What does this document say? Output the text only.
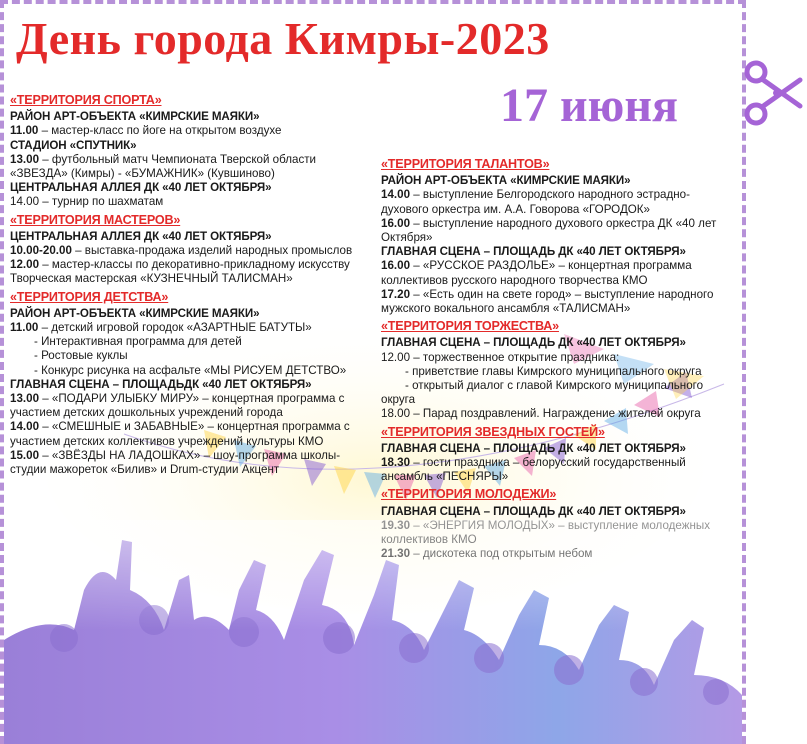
День города Кимры-2023
17 июня
«ТЕРРИТОРИЯ СПОРТА»
РАЙОН АРТ-ОБЪЕКТА «КИМРСКИЕ МАЯКИ»
11.00 – мастер-класс по йоге на открытом воздухе
СТАДИОН «СПУТНИК»
13.00 – футбольный матч Чемпионата Тверской области «ЗВЕЗДА» (Кимры) - «БУМАЖНИК» (Кувшиново)
ЦЕНТРАЛЬНАЯ АЛЛЕЯ ДК «40 ЛЕТ ОКТЯБРЯ»
14.00 – турнир по шахматам
«ТЕРРИТОРИЯ МАСТЕРОВ»
ЦЕНТРАЛЬНАЯ АЛЛЕЯ ДК «40 ЛЕТ ОКТЯБРЯ»
10.00-20.00 – выставка-продажа изделий народных промыслов
12.00 – мастер-классы по декоративно-прикладному искусству
Творческая мастерская «КУЗНЕЧНЫЙ ТАЛИСМАН»
«ТЕРРИТОРИЯ ДЕТСТВА»
РАЙОН АРТ-ОБЪЕКТА «КИМРСКИЕ МАЯКИ»
11.00 – детский игровой городок «АЗАРТНЫЕ БАТУТЫ»
- Интерактивная программа для детей
- Ростовые куклы
- Конкурс рисунка на асфальте «МЫ РИСУЕМ ДЕТСТВО»
ГЛАВНАЯ СЦЕНА – ПЛОЩАДЬДК «40 ЛЕТ ОКТЯБРЯ»
13.00 – «ПОДАРИ УЛЫБКУ МИРУ» – концертная программа с участием детских дошкольных учреждений города
14.00 – «СМЕШНЫЕ и ЗАБАВНЫЕ» – концертная программа с участием детских коллективов учреждений культуры КМО
15.00 – «ЗВЁЗДЫ НА ЛАДОШКАХ» – шоу-программа школы-студии мажореток «Билив» и Drum-студии Акцент
«ТЕРРИТОРИЯ ТАЛАНТОВ»
РАЙОН АРТ-ОБЪЕКТА «КИМРСКИЕ МАЯКИ»
14.00 – выступление Белгородского народного эстрадно-духового оркестра им. А.А. Говорова «ГОРОДОК»
16.00 – выступление народного духового оркестра ДК «40 лет Октября»
ГЛАВНАЯ СЦЕНА – ПЛОЩАДЬ ДК «40 ЛЕТ ОКТЯБРЯ»
16.00 – «РУССКОЕ РАЗДОЛЬЕ» – концертная программа коллективов русского народного творчества КМО
17.20 – «Есть один на свете город» – выступление народного мужского вокального ансамбля «ТАЛИСМАН»
«ТЕРРИТОРИЯ ТОРЖЕСТВА»
ГЛАВНАЯ СЦЕНА – ПЛОЩАДЬ ДК «40 ЛЕТ ОКТЯБРЯ»
12.00 – торжественное открытие праздника:
- приветствие главы Кимрского муниципального округа
- открытый диалог с главой Кимрского муниципального
округа
18.00 – Парад поздравлений. Награждение жителей округа
«ТЕРРИТОРИЯ ЗВЕЗДНЫХ ГОСТЕЙ»
ГЛАВНАЯ СЦЕНА – ПЛОЩАДЬ ДК «40 ЛЕТ ОКТЯБРЯ»
18.30 – гости праздника – белорусский государственный ансамбль «ПЕСНЯРЫ»
«ТЕРРИТОРИЯ МОЛОДЕЖИ»
ГЛАВНАЯ СЦЕНА – ПЛОЩАДЬ ДК «40 ЛЕТ ОКТЯБРЯ»
